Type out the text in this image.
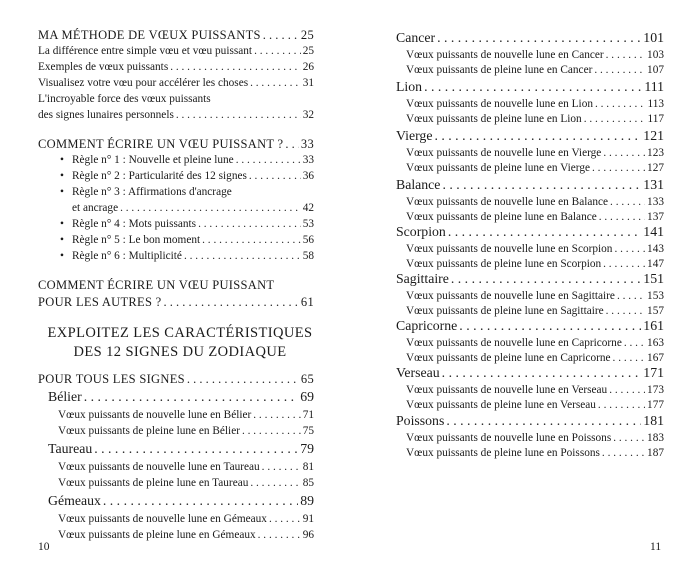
MA MÉTHODE DE VŒUX PUISSANTS . . .	25
La différence entre simple vœu et vœu puissant . . .	25
Exemples de vœux puissants . . .	26
Visualisez votre vœu pour accélérer les choses . . .	31
L'incroyable force des vœux puissants
des signes lunaires personnels . . .	32
COMMENT ÉCRIRE UN VŒU PUISSANT ? . . . 33
• Règle n° 1 : Nouvelle et pleine lune . . .	33
• Règle n° 2 : Particularité des 12 signes . . .	36
• Règle n° 3 : Affirmations d'ancrage
et ancrage . . .	42
• Règle n° 4 : Mots puissants . . .	53
• Règle n° 5 : Le bon moment . . .	56
• Règle n° 6 : Multiplicité . . .	58
COMMENT ÉCRIRE UN VŒU PUISSANT
POUR LES AUTRES ? . . .	61
EXPLOITEZ LES CARACTÉRISTIQUES
DES 12 SIGNES DU ZODIAQUE
POUR TOUS LES SIGNES . . .	65
Bélier . . .	69
Vœux puissants de nouvelle lune en Bélier . . .	71
Vœux puissants de pleine lune en Bélier . . .	75
Taureau . . .	79
Vœux puissants de nouvelle lune en Taureau . . .	81
Vœux puissants de pleine lune en Taureau . . .	85
Gémeaux . . .	89
Vœux puissants de nouvelle lune en Gémeaux . . .	91
Vœux puissants de pleine lune en Gémeaux . . .	96
10
Cancer . . .	101
Vœux puissants de nouvelle lune en Cancer . . .	103
Vœux puissants de pleine lune en Cancer . . .	107
Lion . . .	111
Vœux puissants de nouvelle lune en Lion . . .	113
Vœux puissants de pleine lune en Lion . . .	117
Vierge . . .	121
Vœux puissants de nouvelle lune en Vierge . . .	123
Vœux puissants de pleine lune en Vierge . . .	127
Balance . . .	131
Vœux puissants de nouvelle lune en Balance . . .	133
Vœux puissants de pleine lune en Balance . . .	137
Scorpion . . .	141
Vœux puissants de nouvelle lune en Scorpion . . .	143
Vœux puissants de pleine lune en Scorpion . . .	147
Sagittaire . . .	151
Vœux puissants de nouvelle lune en Sagittaire . . .	153
Vœux puissants de pleine lune en Sagittaire . . .	157
Capricorne . . .	161
Vœux puissants de nouvelle lune en Capricorne . . . 163
Vœux puissants de pleine lune en Capricorne . . .	167
Verseau . . .	171
Vœux puissants de nouvelle lune en Verseau . . .	173
Vœux puissants de pleine lune en Verseau . . .	177
Poissons . . .	181
Vœux puissants de nouvelle lune en Poissons . . .	183
Vœux puissants de pleine lune en Poissons . . .	187
11
